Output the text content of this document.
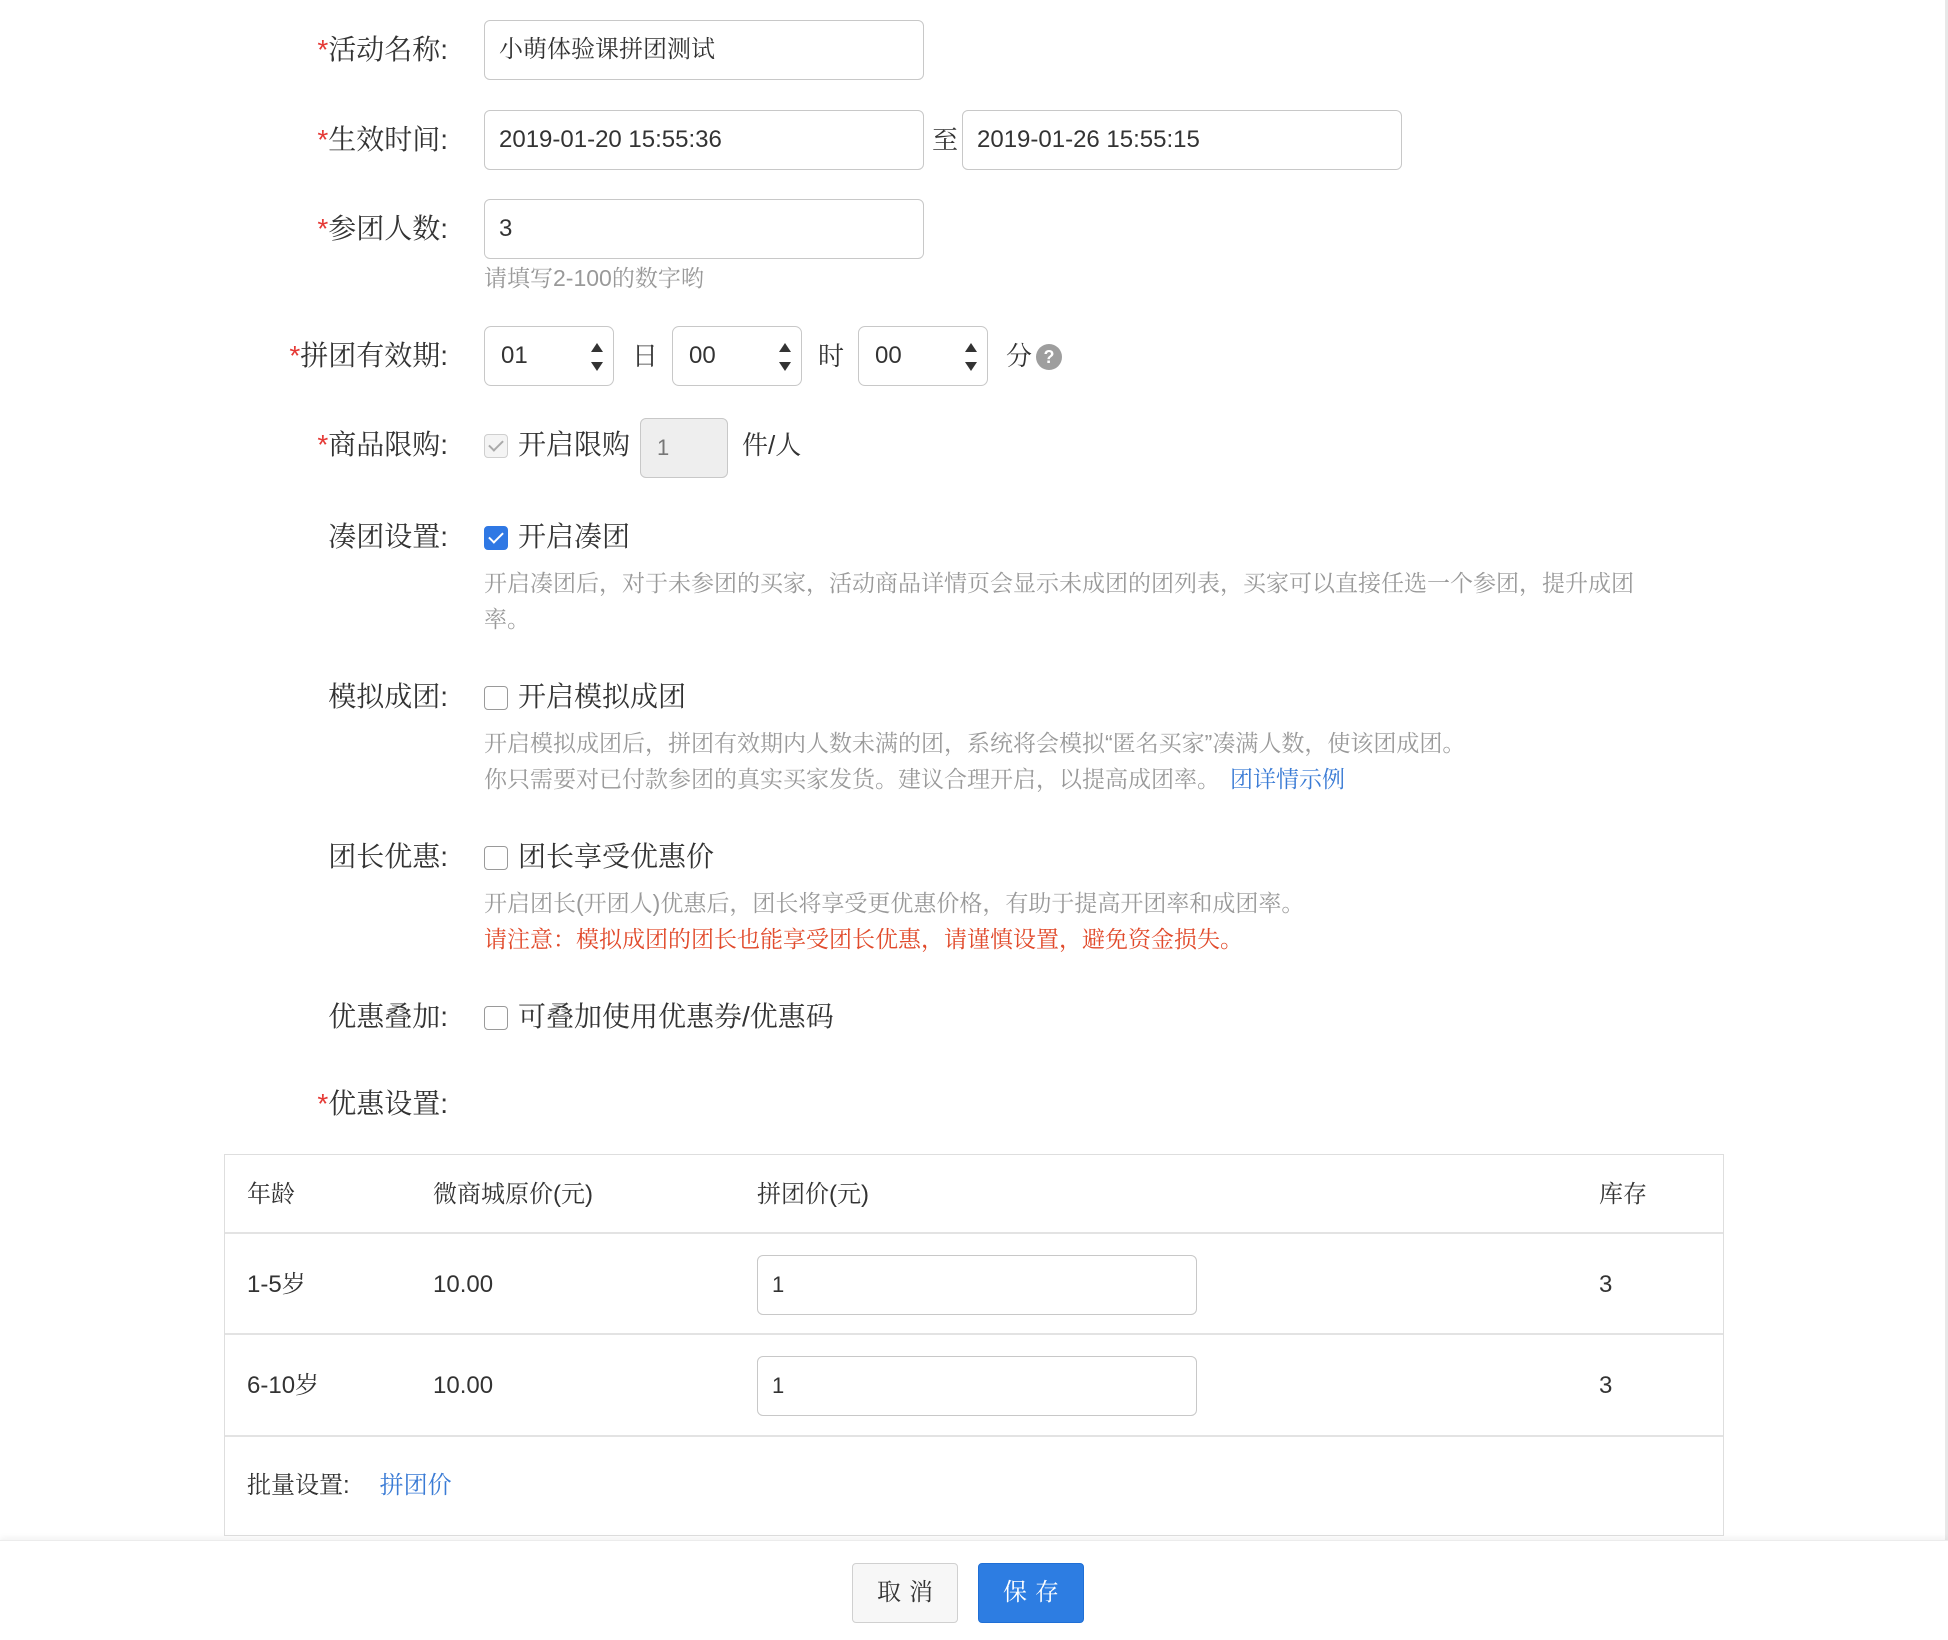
*活动名称:	小萌体验课拼团测试
*生效时间:	2019-01-20 15:55:36	至 2019-01-26 15:55:15
*参团人数:	3
请填写2-100的数字哟
*拼团有效期:	01	日	00	时	00	分 ?
*商品限购:	开启限购	1	件/人
凑团设置:	开启凑团
开启凑团后，对于未参团的买家，活动商品详情页会显示未成团的团列表，买家可以直接任选一个参团，提升成团
率。
模拟成团:	开启模拟成团
开启模拟成团后，拼团有效期内人数未满的团，系统将会模拟“匿名买家”凑满人数，使该团成团。
你只需要对已付款参团的真实买家发货。建议合理开启，以提高成团率。 团详情示例
团长优惠:	团长享受优惠价
开启团长(开团人)优惠后，团长将享受更优惠价格，有助于提高开团率和成团率。
请注意：模拟成团的团长也能享受团长优惠，请谨慎设置，避免资金损失。
优惠叠加:	可叠加使用优惠券/优惠码
*优惠设置:
年龄	微商城原价(元)	拼团价(元)	库存
1-5岁	10.00	1	3
6-10岁	10.00	1	3
批量设置: 拼团价
取消	保存
